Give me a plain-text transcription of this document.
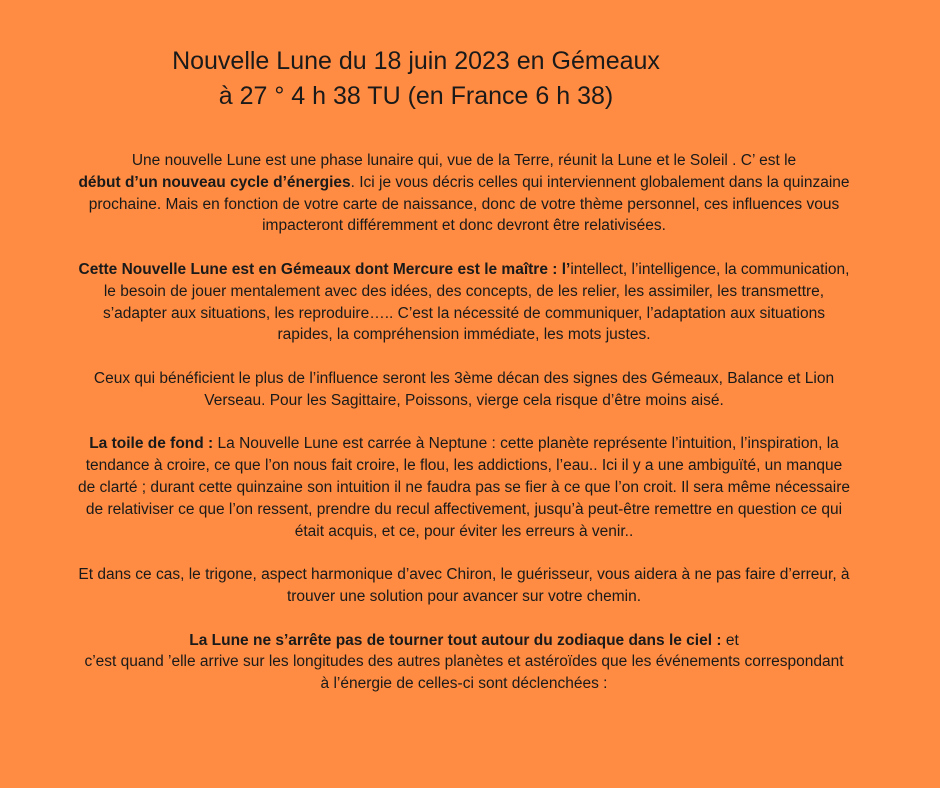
Nouvelle Lune du 18 juin 2023 en Gémeaux
à 27 ° 4 h 38 TU (en France 6 h 38)

Une nouvelle Lune est une phase lunaire qui, vue de la Terre, réunit la Lune et le Soleil . C’ est le
début d’un nouveau cycle d’énergies. Ici je vous décris celles qui interviennent globalement dans la quinzaine prochaine. Mais en fonction de votre carte de naissance, donc de votre thème personnel, ces influences vous impacteront différemment et donc devront être relativisées.

Cette Nouvelle Lune est en Gémeaux dont Mercure est le maître : l’intellect, l’intelligence, la communication, le besoin de jouer mentalement avec des idées, des concepts, de les relier, les assimiler, les transmettre, s’adapter aux situations, les reproduire….. C’est la nécessité de communiquer, l’adaptation aux situations
rapides, la compréhension immédiate, les mots justes.

Ceux qui bénéficient le plus de l’influence seront les 3ème décan des signes des Gémeaux, Balance et Lion Verseau. Pour les Sagittaire, Poissons, vierge cela risque d’être moins aisé.

La toile de fond : La Nouvelle Lune est carrée à Neptune : cette planète représente l’intuition, l’inspiration, la tendance à croire, ce que l’on nous fait croire, le flou, les addictions, l’eau.. Ici il y a une ambiguïté, un manque de clarté ; durant cette quinzaine son intuition il ne faudra pas se fier à ce que l’on croit. Il sera même nécessaire de relativiser ce que l’on ressent, prendre du recul affectivement, jusqu’à peut-être remettre en question ce qui était acquis, et ce, pour éviter les erreurs à venir..

Et dans ce cas, le trigone, aspect harmonique d’avec Chiron, le guérisseur, vous aidera à ne pas faire d’erreur, à trouver une solution pour avancer sur votre chemin.

La Lune ne s’arrête pas de tourner tout autour du zodiaque dans le ciel : et
c’est quand ’elle arrive sur les longitudes des autres planètes et astéroïdes que les événements correspondant à l’énergie de celles-ci sont déclenchées :
